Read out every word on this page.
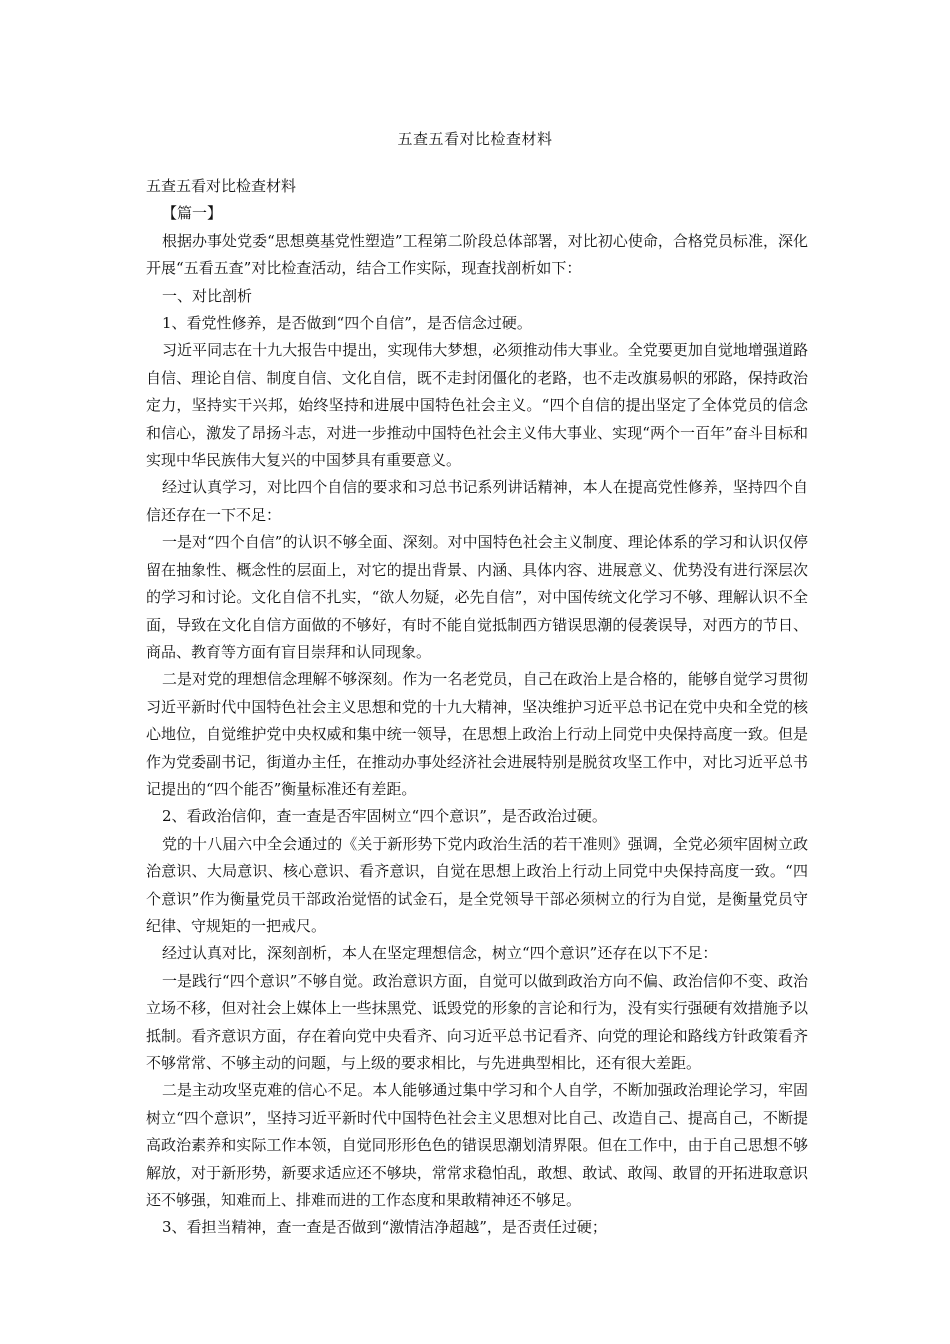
五查五看对比检查材料

五查五看对比检查材料

【篇一】

根据办事处党委“思想奠基党性塑造”工程第二阶段总体部署，对比初心使命，合格党员标准，深化开展“五看五查”对比检查活动，结合工作实际，现查找剖析如下：

一、对比剖析

1、看党性修养，是否做到“四个自信”，是否信念过硬。

习近平同志在十九大报告中提出，实现伟大梦想，必须推动伟大事业。全党要更加自觉地增强道路自信、理论自信、制度自信、文化自信，既不走封闭僵化的老路，也不走改旗易帜的邪路，保持政治定力，坚持实干兴邦，始终坚持和进展中国特色社会主义。“四个自信的提出坚定了全体党员的信念和信心，激发了昂扬斗志，对进一步推动中国特色社会主义伟大事业、实现“两个一百年”奋斗目标和实现中华民族伟大复兴的中国梦具有重要意义。

经过认真学习，对比四个自信的要求和习总书记系列讲话精神，本人在提高党性修养，坚持四个自信还存在一下不足：

一是对“四个自信”的认识不够全面、深刻。对中国特色社会主义制度、理论体系的学习和认识仅停留在抽象性、概念性的层面上，对它的提出背景、内涵、具体内容、进展意义、优势没有进行深层次的学习和讨论。文化自信不扎实，“欲人勿疑，必先自信”，对中国传统文化学习不够、理解认识不全面，导致在文化自信方面做的不够好，有时不能自觉抵制西方错误思潮的侵袭误导，对西方的节日、商品、教育等方面有盲目崇拜和认同现象。

二是对党的理想信念理解不够深刻。作为一名老党员，自己在政治上是合格的，能够自觉学习贯彻习近平新时代中国特色社会主义思想和党的十九大精神，坚决维护习近平总书记在党中央和全党的核心地位，自觉维护党中央权威和集中统一领导，在思想上政治上行动上同党中央保持高度一致。但是作为党委副书记，街道办主任，在推动办事处经济社会进展特别是脱贫攻坚工作中，对比习近平总书记提出的“四个能否”衡量标准还有差距。

2、看政治信仰，查一查是否牢固树立“四个意识”，是否政治过硬。

党的十八届六中全会通过的《关于新形势下党内政治生活的若干准则》强调，全党必须牢固树立政治意识、大局意识、核心意识、看齐意识，自觉在思想上政治上行动上同党中央保持高度一致。“四个意识”作为衡量党员干部政治觉悟的试金石，是全党领导干部必须树立的行为自觉，是衡量党员守纪律、守规矩的一把戒尺。

经过认真对比，深刻剖析，本人在坚定理想信念，树立“四个意识”还存在以下不足：

一是践行“四个意识”不够自觉。政治意识方面，自觉可以做到政治方向不偏、政治信仰不变、政治立场不移，但对社会上媒体上一些抹黑党、诋毁党的形象的言论和行为，没有实行强硬有效措施予以抵制。看齐意识方面，存在着向党中央看齐、向习近平总书记看齐、向党的理论和路线方针政策看齐不够常常、不够主动的问题，与上级的要求相比，与先进典型相比，还有很大差距。

二是主动攻坚克难的信心不足。本人能够通过集中学习和个人自学，不断加强政治理论学习，牢固树立“四个意识”，坚持习近平新时代中国特色社会主义思想对比自己、改造自己、提高自己，不断提高政治素养和实际工作本领，自觉同形形色色的错误思潮划清界限。但在工作中，由于自己思想不够解放，对于新形势，新要求适应还不够块，常常求稳怕乱，敢想、敢试、敢闯、敢冒的开拓进取意识还不够强，知难而上、排难而进的工作态度和果敢精神还不够足。

3、看担当精神，查一查是否做到“激情洁净超越”，是否责任过硬；
